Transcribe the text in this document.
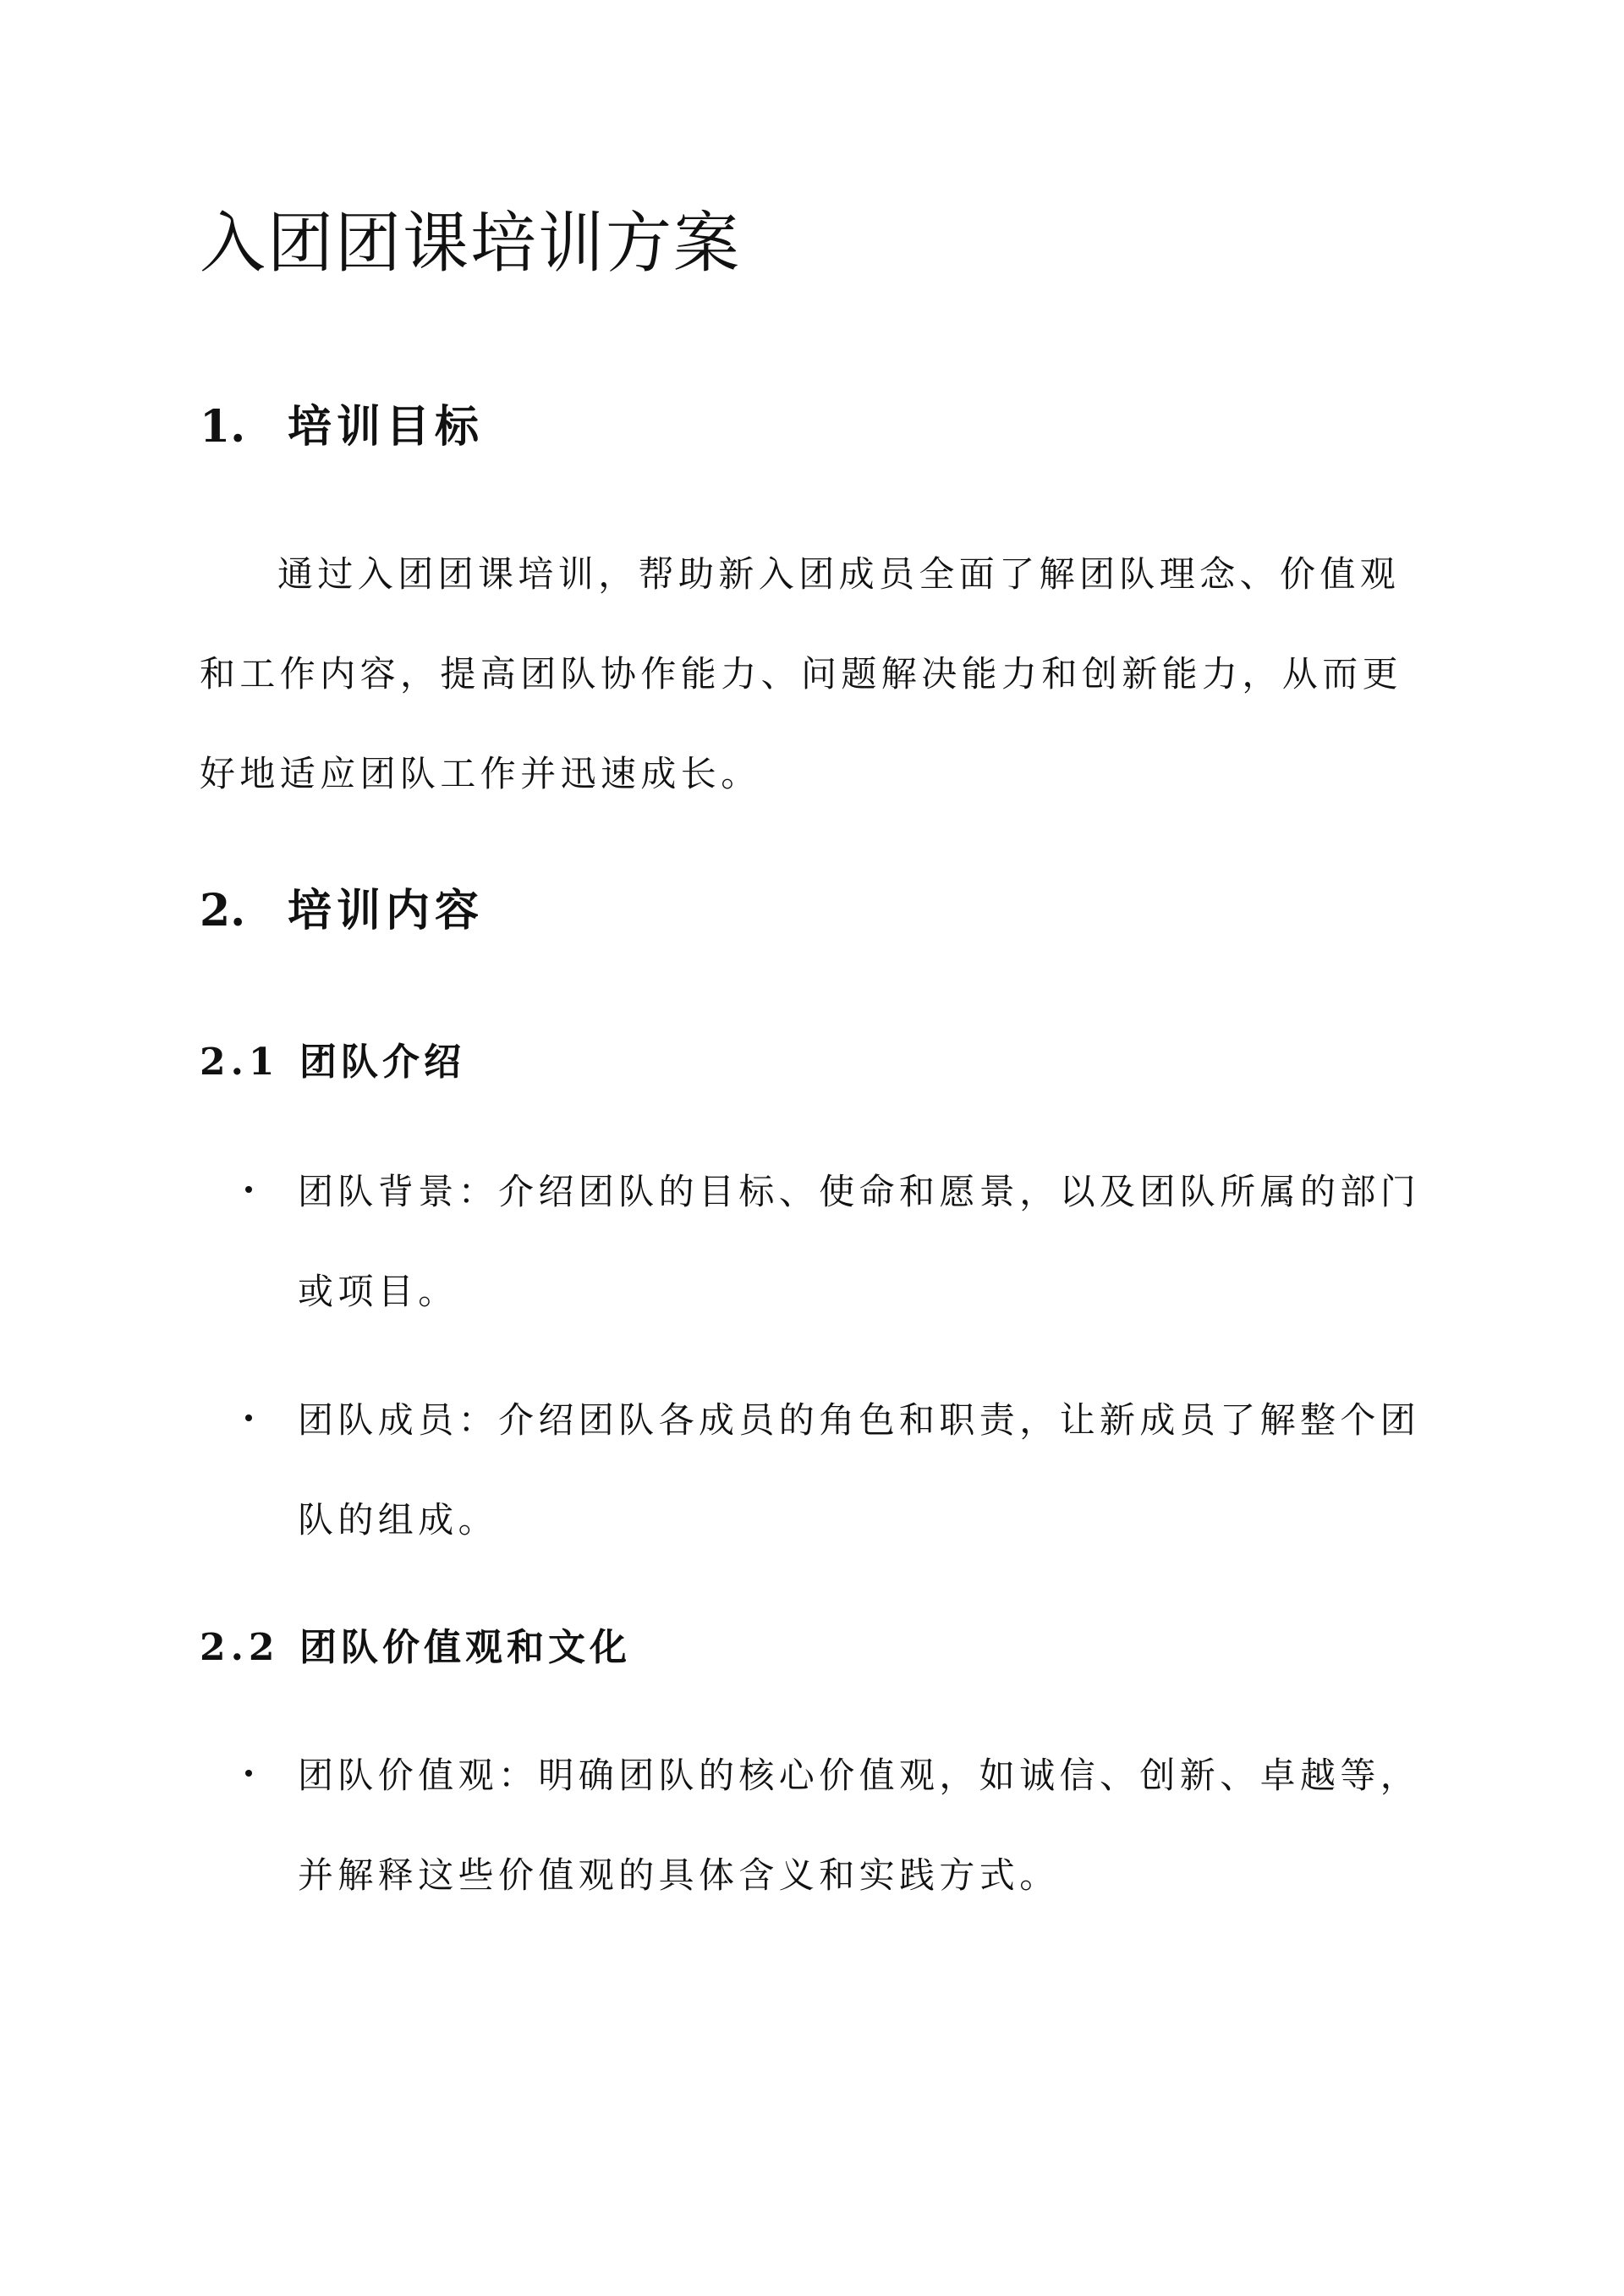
入团团课培训方案
1. 培训目标

通过入团团课培训，帮助新入团成员全面了解团队理念、价值观和工作内容，提高团队协作能力、问题解决能力和创新能力，从而更好地适应团队工作并迅速成长。

2. 培训内容
2.1 团队介绍
团队背景：介绍团队的目标、使命和愿景，以及团队所属的部门或项目。
团队成员：介绍团队各成员的角色和职责，让新成员了解整个团队的组成。
2.2 团队价值观和文化
团队价值观：明确团队的核心价值观，如诚信、创新、卓越等，并解释这些价值观的具体含义和实践方式。
